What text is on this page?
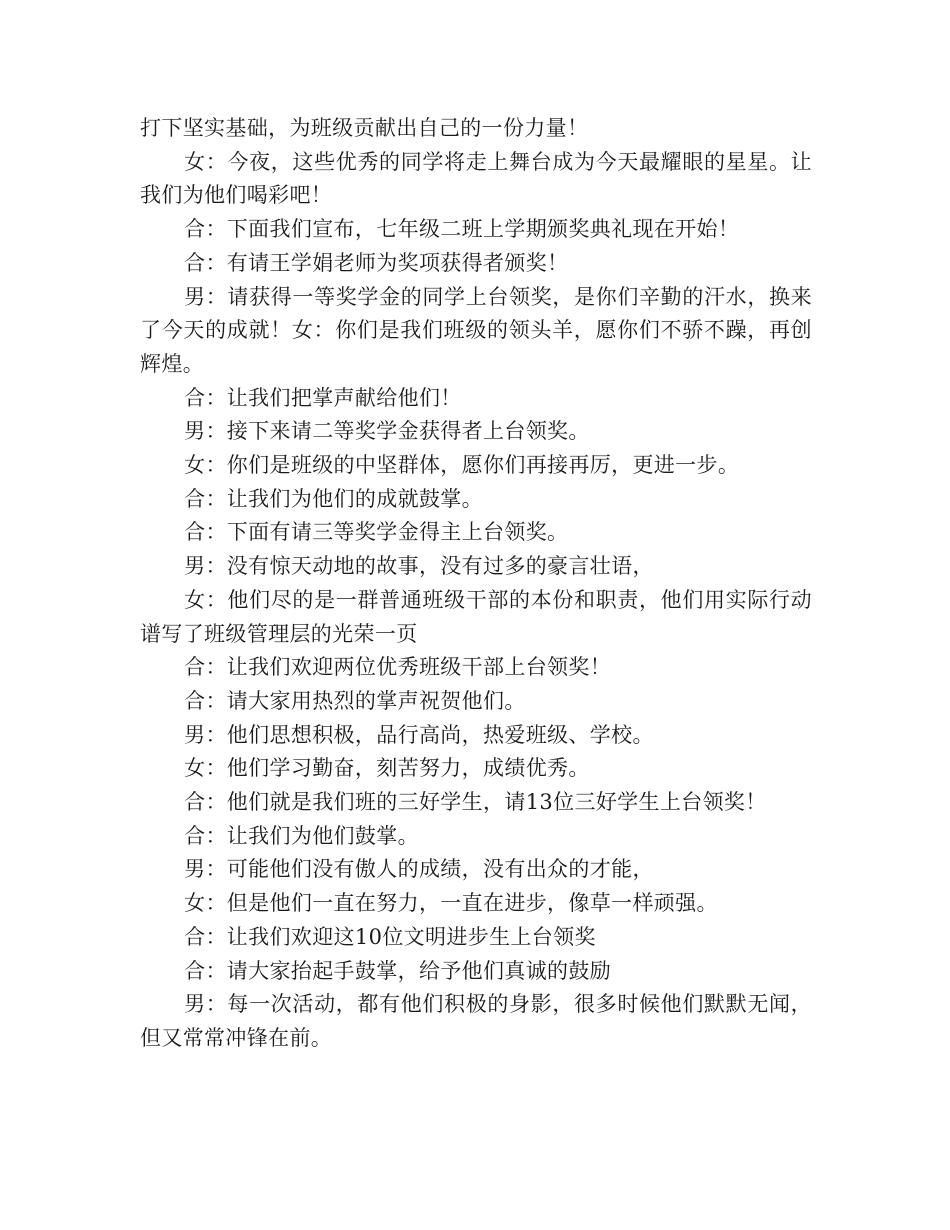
打下坚实基础，为班级贡献出自己的一份力量！

女：今夜，这些优秀的同学将走上舞台成为今天最耀眼的星星。让我们为他们喝彩吧！

合：下面我们宣布，七年级二班上学期颁奖典礼现在开始！

合：有请王学娟老师为奖项获得者颁奖！

男：请获得一等奖学金的同学上台领奖，是你们辛勤的汗水，换来了今天的成就！女：你们是我们班级的领头羊，愿你们不骄不躁，再创辉煌。

合：让我们把掌声献给他们！

男：接下来请二等奖学金获得者上台领奖。

女：你们是班级的中坚群体，愿你们再接再厉，更进一步。

合：让我们为他们的成就鼓掌。

合：下面有请三等奖学金得主上台领奖。

男：没有惊天动地的故事，没有过多的豪言壮语，

女：他们尽的是一群普通班级干部的本份和职责，他们用实际行动谱写了班级管理层的光荣一页

合：让我们欢迎两位优秀班级干部上台领奖！

合：请大家用热烈的掌声祝贺他们。

男：他们思想积极，品行高尚，热爱班级、学校。

女：他们学习勤奋，刻苦努力，成绩优秀。

合：他们就是我们班的三好学生，请13位三好学生上台领奖！

合：让我们为他们鼓掌。

男：可能他们没有傲人的成绩，没有出众的才能，

女：但是他们一直在努力，一直在进步，像草一样顽强。

合：让我们欢迎这10位文明进步生上台领奖

合：请大家抬起手鼓掌，给予他们真诚的鼓励

男：每一次活动，都有他们积极的身影，很多时候他们默默无闻，但又常常冲锋在前。
